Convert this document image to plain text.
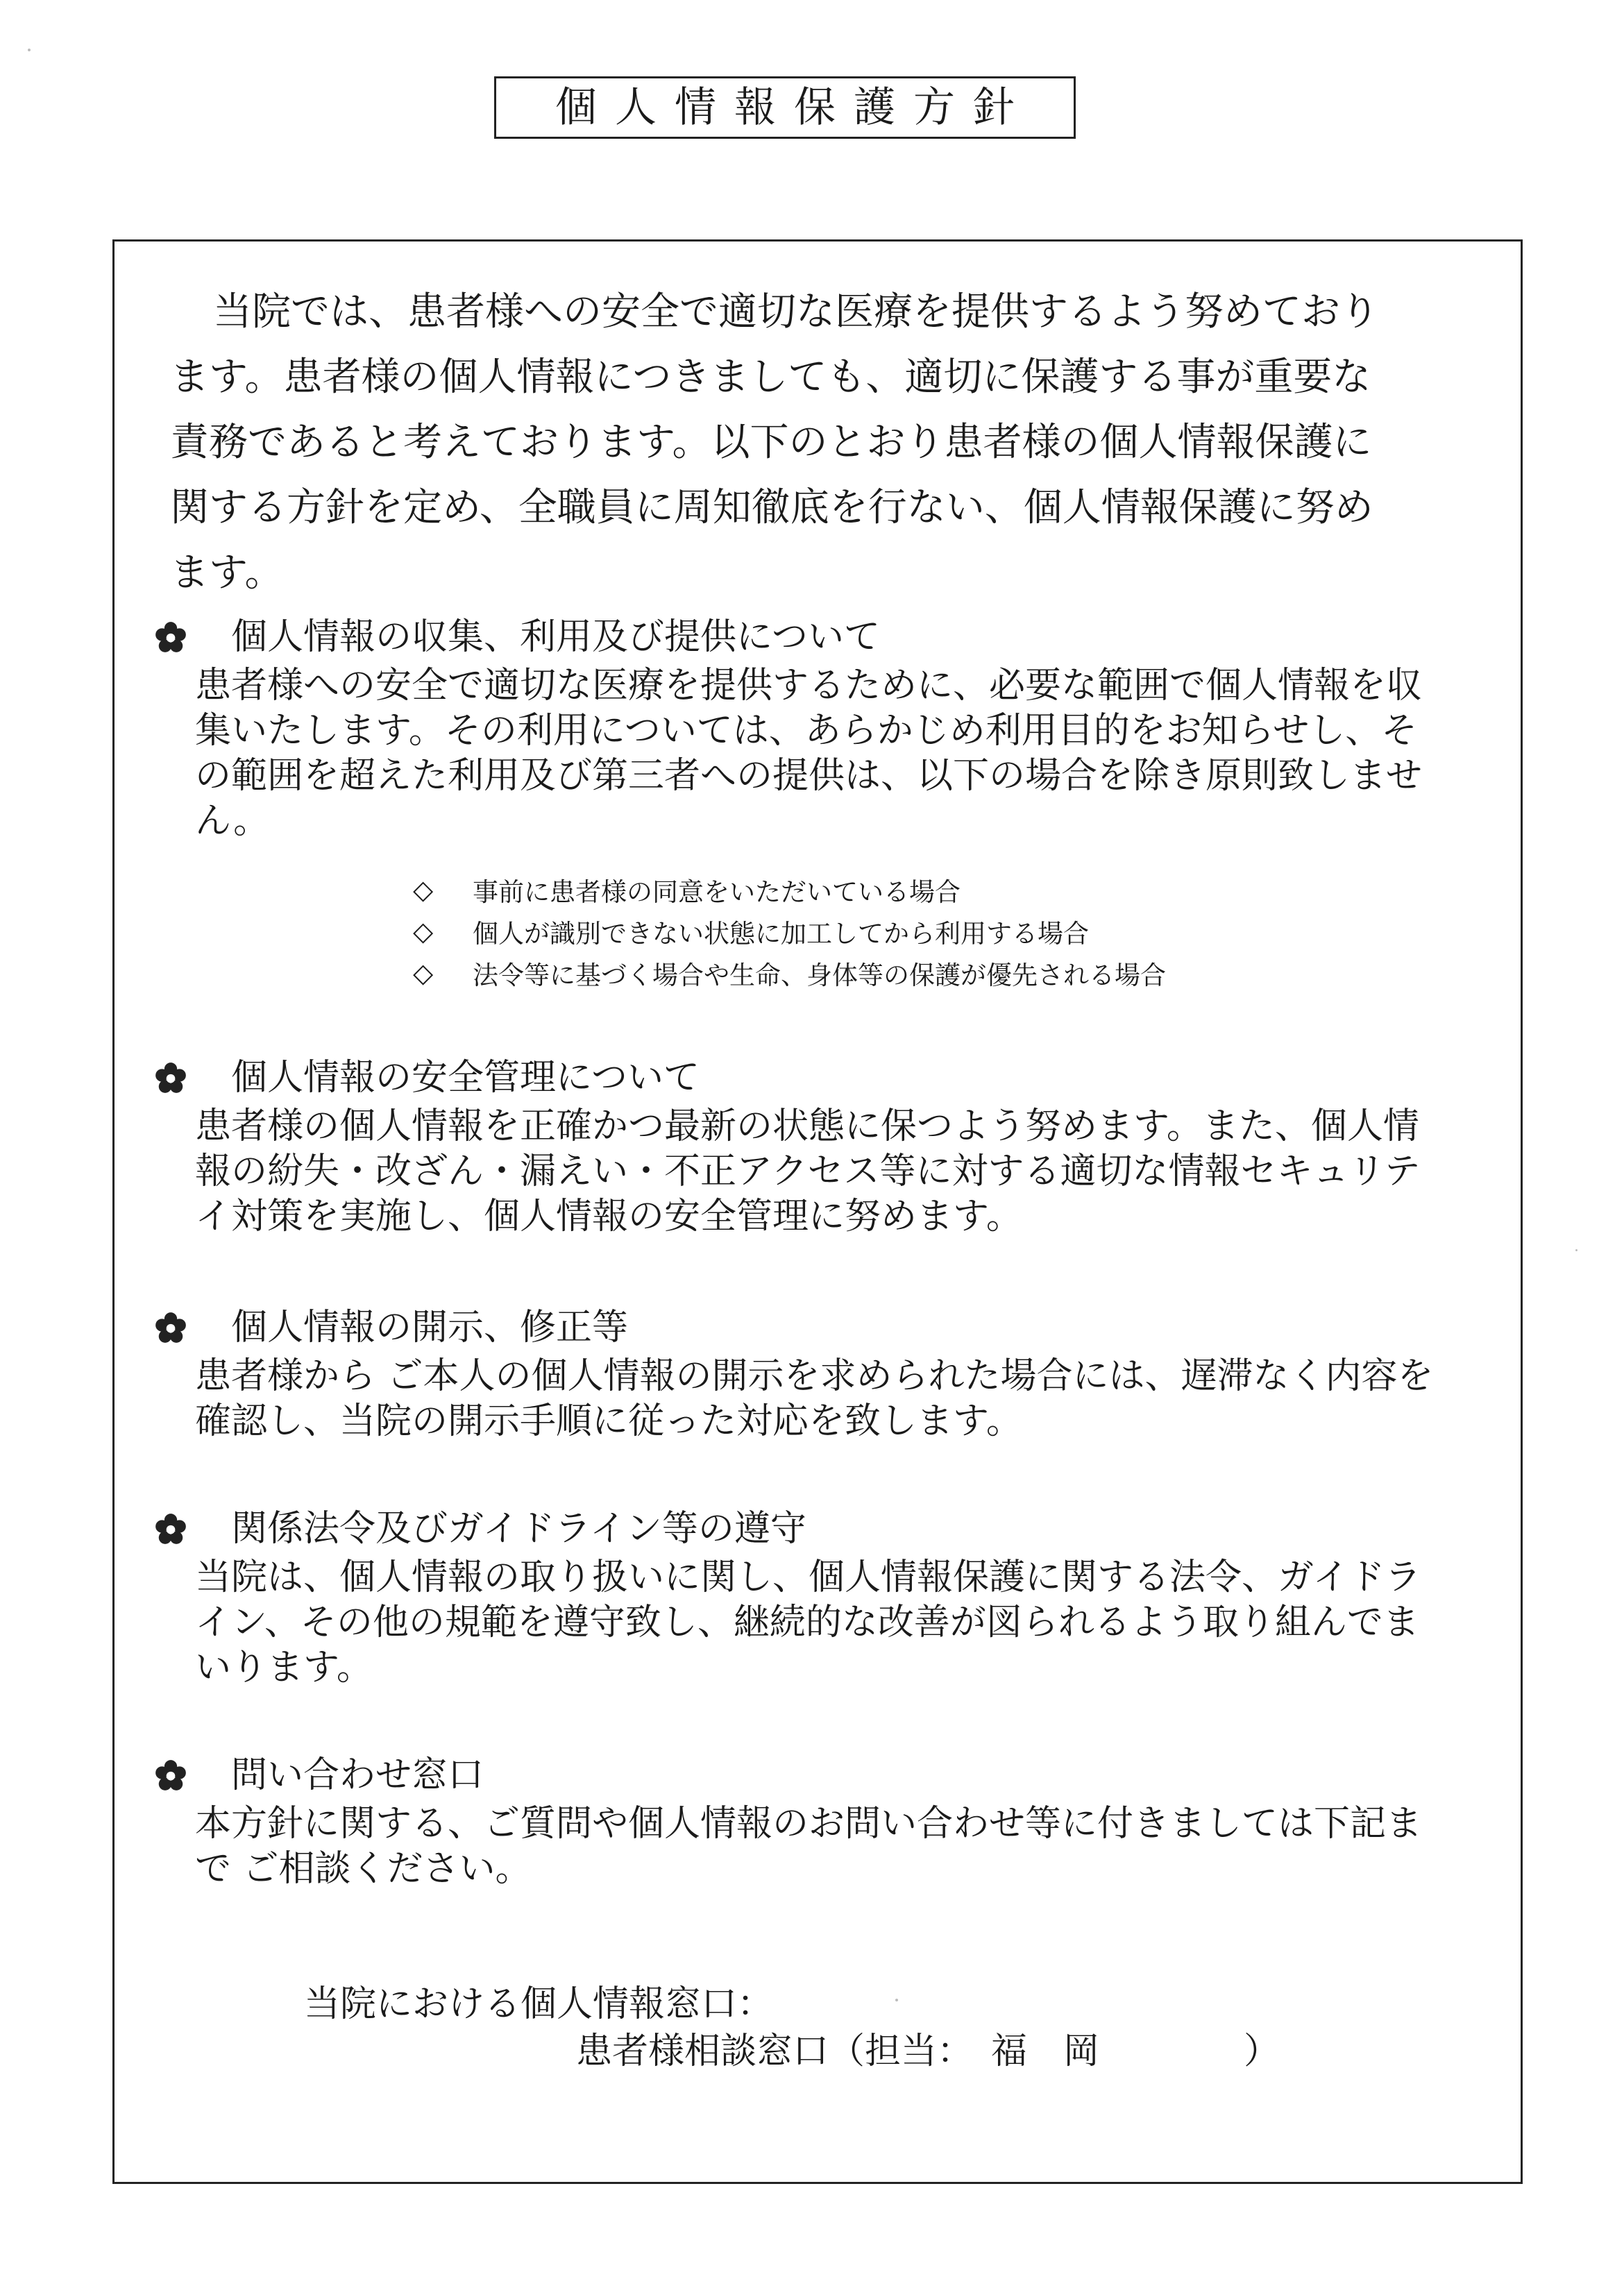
個人情報保護方針

当院では、患者様への安全で適切な医療を提供するよう努めております。患者様の個人情報につきましても、適切に保護する事が重要な責務であると考えております。以下のとおり患者様の個人情報保護に関する方針を定め、全職員に周知徹底を行ない、個人情報保護に努めます。

個人情報の収集、利用及び提供について
患者様への安全で適切な医療を提供するために、必要な範囲で個人情報を収集いたします。その利用については、あらかじめ利用目的をお知らせし、その範囲を超えた利用及び第三者への提供は、以下の場合を除き原則致しません。
◇	事前に患者様の同意をいただいている場合
◇	個人が識別できない状態に加工してから利用する場合
◇	法令等に基づく場合や生命、身体等の保護が優先される場合
個人情報の安全管理について
患者様の個人情報を正確かつ最新の状態に保つよう努めます。また、個人情報の紛失・改ざん・漏えい・不正アクセス等に対する適切な情報セキュリテイ対策を実施し、個人情報の安全管理に努めます。
個人情報の開示、修正等
患者様から ご本人の個人情報の開示を求められた場合には、遅滞なく内容を確認し、当院の開示手順に従った対応を致します。
関係法令及びガイドライン等の遵守
当院は、個人情報の取り扱いに関し、個人情報保護に関する法令、ガイドライン、その他の規範を遵守致し、継続的な改善が図られるよう取り組んでまいります。
問い合わせ窓口
本方針に関する、ご質問や個人情報のお問い合わせ等に付きましては下記まで ご相談ください。
当院における個人情報窓口：
患者様相談窓口（担当：　福　岡　　　　）
